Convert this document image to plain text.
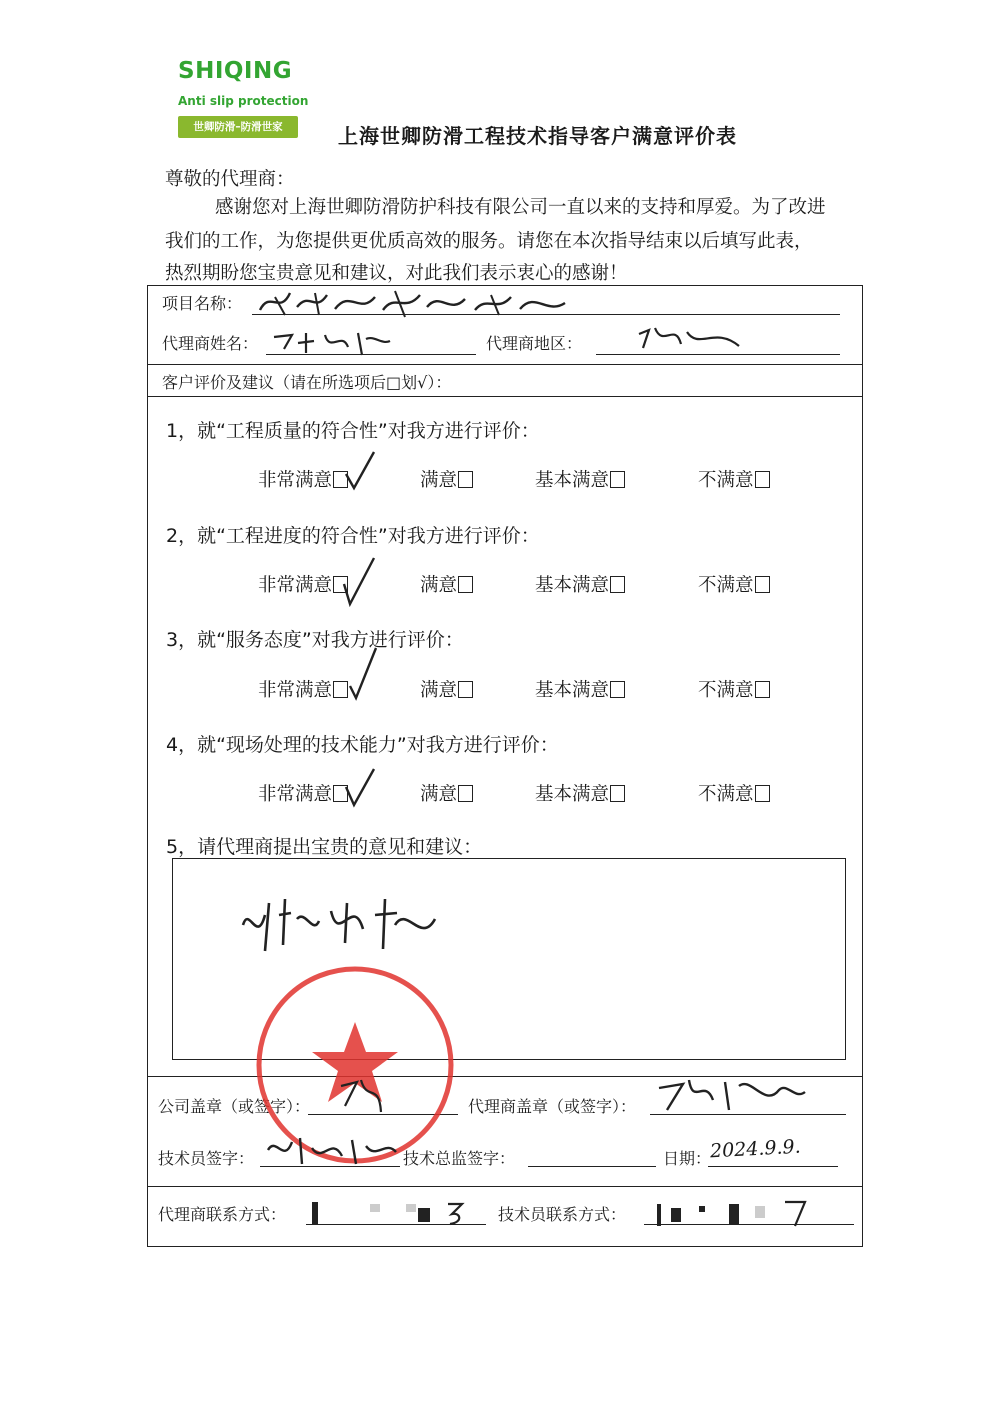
SHIQING
Anti slip protection
世卿防滑–防滑世家	上海世卿防滑工程技术指导客户满意评价表
尊敬的代理商：
感谢您对上海世卿防滑防护科技有限公司一直以来的支持和厚爱。为了改进
我们的工作，为您提供更优质高效的服务。请您在本次指导结束以后填写此表，
热烈期盼您宝贵意见和建议，对此我们表示衷心的感谢！
项目名称：
代理商姓名：	代理商地区：
客户评价及建议（请在所选项后□划√）：
1，就“工程质量的符合性”对我方进行评价：
非常满意	满意	基本满意	不满意
2，就“工程进度的符合性”对我方进行评价：
非常满意	满意	基本满意	不满意
3，就“服务态度”对我方进行评价：
非常满意	满意	基本满意	不满意
4，就“现场处理的技术能力”对我方进行评价：
非常满意	满意	基本满意	不满意
5，请代理商提出宝贵的意见和建议：
公司盖章（或签字）：	代理商盖章（或签字）：
技术员签字：	技术总监签字：	日期：
2024.9.9.
代理商联系方式：	技术员联系方式：
